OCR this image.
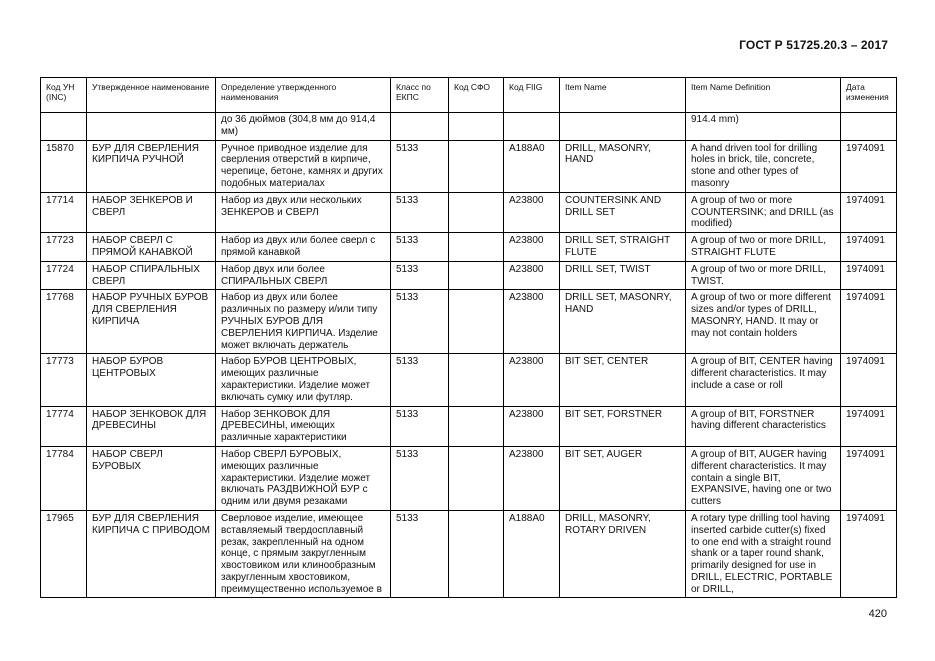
ГОСТ Р 51725.20.3 – 2017
Код УН (INC)	Утвержденное наименование	Определение утвержденного наименования	Класс по ЕКПС	Код СФО	Код FIIG	Item Name	Item Name Definition	Дата изменения
		до 36 дюймов (304,8 мм до 914,4 мм)					914.4 mm)	
15870	БУР ДЛЯ СВЕРЛЕНИЯ КИРПИЧА РУЧНОЙ	Ручное приводное изделие для сверления отверстий в кирпиче, черепице, бетоне, камнях и других подобных материалах	5133		A188A0	DRILL, MASONRY, HAND	A hand driven tool for drilling holes in brick, tile, concrete, stone and other types of masonry	1974091
17714	НАБОР ЗЕНКЕРОВ И СВЕРЛ	Набор из двух или нескольких ЗЕНКЕРОВ и СВЕРЛ	5133		A23800	COUNTERSINK AND DRILL SET	A group of two or more COUNTERSINK; and DRILL (as modified)	1974091
17723	НАБОР СВЕРЛ С ПРЯМОЙ КАНАВКОЙ	Набор из двух или более сверл с прямой канавкой	5133		A23800	DRILL SET, STRAIGHT FLUTE	A group of two or more DRILL, STRAIGHT FLUTE	1974091
17724	НАБОР СПИРАЛЬНЫХ СВЕРЛ	Набор двух или более СПИРАЛЬНЫХ СВЕРЛ	5133		A23800	DRILL SET, TWIST	A group of two or more DRILL, TWIST.	1974091
17768	НАБОР РУЧНЫХ БУРОВ ДЛЯ СВЕРЛЕНИЯ КИРПИЧА	Набор из двух или более различных по размеру и/или типу РУЧНЫХ БУРОВ ДЛЯ СВЕРЛЕНИЯ КИРПИЧА. Изделие может включать держатель	5133		A23800	DRILL SET, MASONRY, HAND	A group of two or more different sizes and/or types of DRILL, MASONRY, HAND. It may or may not contain holders	1974091
17773	НАБОР БУРОВ ЦЕНТРОВЫХ	Набор БУРОВ ЦЕНТРОВЫХ, имеющих различные характеристики. Изделие может включать сумку или футляр.	5133		A23800	BIT SET, CENTER	A group of BIT, CENTER having different characteristics. It may include a case or roll	1974091
17774	НАБОР ЗЕНКОВОК ДЛЯ ДРЕВЕСИНЫ	Набор ЗЕНКОВОК ДЛЯ ДРЕВЕСИНЫ, имеющих различные характеристики	5133		A23800	BIT SET, FORSTNER	A group of BIT, FORSTNER having different characteristics	1974091
17784	НАБОР СВЕРЛ БУРОВЫХ	Набор СВЕРЛ БУРОВЫХ, имеющих различные характеристики. Изделие может включать РАЗДВИЖНОЙ БУР с одним или двумя резаками	5133		A23800	BIT SET, AUGER	A group of BIT, AUGER having different characteristics. It may contain a single BIT, EXPANSIVE, having one or two cutters	1974091
17965	БУР ДЛЯ СВЕРЛЕНИЯ КИРПИЧА С ПРИВОДОМ	Сверловое изделие, имеющее вставляемый твердосплавный резак, закрепленный на одном конце, с прямым закругленным хвостовиком или клинообразным закругленным хвостовиком, преимущественно используемое в	5133		A188A0	DRILL, MASONRY, ROTARY DRIVEN	A rotary type drilling tool having inserted carbide cutter(s) fixed to one end with a straight round shank or a taper round shank, primarily designed for use in DRILL, ELECTRIC, PORTABLE or DRILL,	1974091
420
